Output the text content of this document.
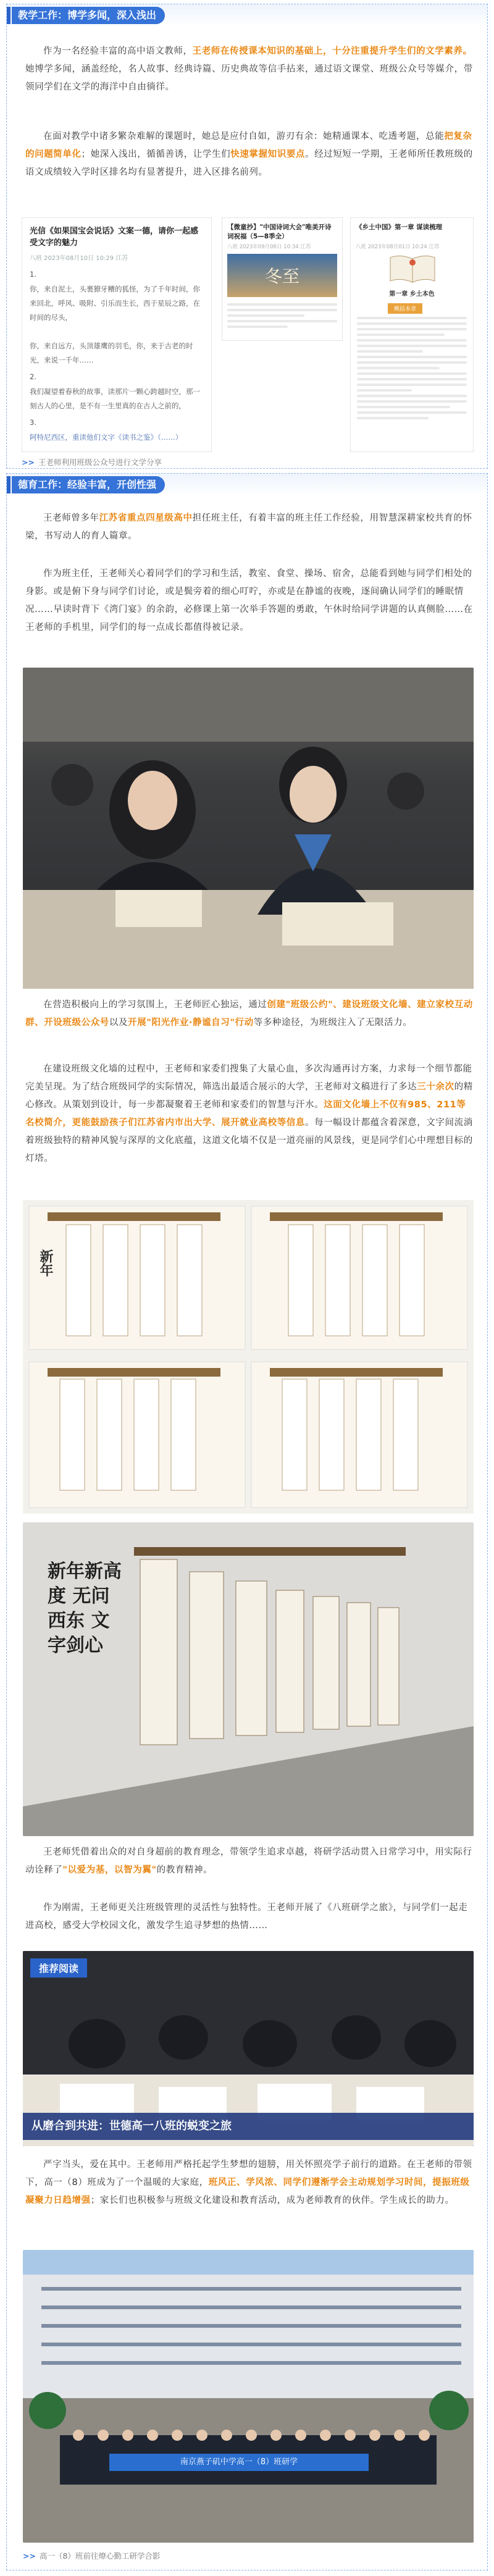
教学工作：博学多闻，深入浅出

作为一名经验丰富的高中语文教师，王老师在传授课本知识的基础上，十分注重提升学生们的文学素养。她博学多闻，涵盖经纶，名人故事、经典诗篇、历史典故等信手拈来，通过语文课堂、班级公众号等媒介，带领同学们在文学的海洋中自由徜徉。

在面对教学中诸多繁杂难解的课题时，她总是应付自如，游刃有余：她精通课本、吃透考题，总能把复杂的问题简单化；她深入浅出，循循善诱，让学生们快速掌握知识要点。经过短短一学期，王老师所任教班级的语文成绩较入学时区排名均有显著提升，进入区排名前列。

光信《如果国宝会说话》文案一德，请你一起感受文字的魅力
八班 2023年08月10日 10:29 江苏
1.
你，来自泥土，头裹獠牙糟的狐怪，为了千年时间，你来回北，呼风、吸附、引乐而生长，西于星辰之路，在时间的尽头，
你，来自远方，头顶雄鹰的羽毛，你，来于古老的时光，来说一千年……
2.
我们凝望着春秋的故事，读那片一颗心跨越时空，那一刻古人的心里，是不有一生里真的在古人之前的，
3.
阿特尼西区，重读他们文字《读书之鉴》（……）
【微童抄】"中国诗词大会"唯美开诗词祝福（5—8季全）
八班 2023年09月06日 10:34 江苏
冬至
《乡土中国》第一章 谋读梳理
八班 2023年08月01日 10:24 江苏
第一章 乡土本色
概括本章
>> 王老师利用班级公众号进行文学分享
德育工作：经验丰富，开创性强

王老师曾多年江苏省重点四星级高中担任班主任，有着丰富的班主任工作经验，用智慧深耕家校共育的怀梁，书写动人的育人篇章。

作为班主任，王老师关心着同学们的学习和生活，教室、食堂、操场、宿舍，总能看到她与同学们相处的身影。或是俯下身与同学们讨论，或是鬓旁着的细心叮咛，亦或是在静谧的夜晚，逐间确认同学们的睡眠情况……早读时背下《湾门宴》的余韵，必修课上第一次举手答题的勇敢，午休时给同学讲题的认真侧脸……在王老师的手机里，同学们的每一点成长都值得被记录。

在营造积极向上的学习氛围上，王老师匠心独运，通过创建"班级公约"、建设班级文化墙、建立家校互动群、开设班级公众号以及开展"阳光作业·静谧自习"行动等多种途径，为班级注入了无限活力。

在建设班级文化墙的过程中，王老师和家委们搜集了大量心血，多次沟通再讨方案，力求每一个细节都能完美呈现。为了结合班级同学的实际情况，筛选出最适合展示的大学，王老师对文稿进行了多达三十余次的精心修改。从策划到设计，每一步都凝聚着王老师和家委们的智慧与汗水。这面文化墙上不仅有985、211等名校简介，更能鼓励孩子们江苏省内市出大学、展开就业高校等信息。每一幅设计都蕴含着深意，文字间流淌着班级独特的精神风貌与深厚的文化底蕴，这道文化墙不仅是一道亮丽的风景线，更是同学们心中理想目标的灯塔。

新年
新年新高度 无问西东 文字剑心

王老师凭借着出众的对自身超前的教育理念，带领学生追求卓越，将研学活动贯入日常学习中，用实际行动诠释了"以爱为基，以智为翼"的教育精神。

作为刚需，王老师更关注班级管理的灵活性与独特性。王老师开展了《八班研学之旅》，与同学们一起走进高校，感受大学校园文化，激发学生追寻梦想的热情……

推荐阅读
从磨合到共进：世德高一八班的蜕变之旅

严字当头，爱在其中。王老师用严格托起学生梦想的翅膀，用关怀照亮学子前行的道路。在王老师的带领下，高一（8）班成为了一个温暖的大家庭，班风正、学风浓、同学们遵渐学会主动规划学习时间，提振班级凝聚力日趋增强；家长们也积极参与班级文化建设和教育活动，成为老师教育的伙伴。学生成长的助力。

南京燕子矶中学高一（8）班研学
>> 高一（8）班前往燎心勤工研学合影
